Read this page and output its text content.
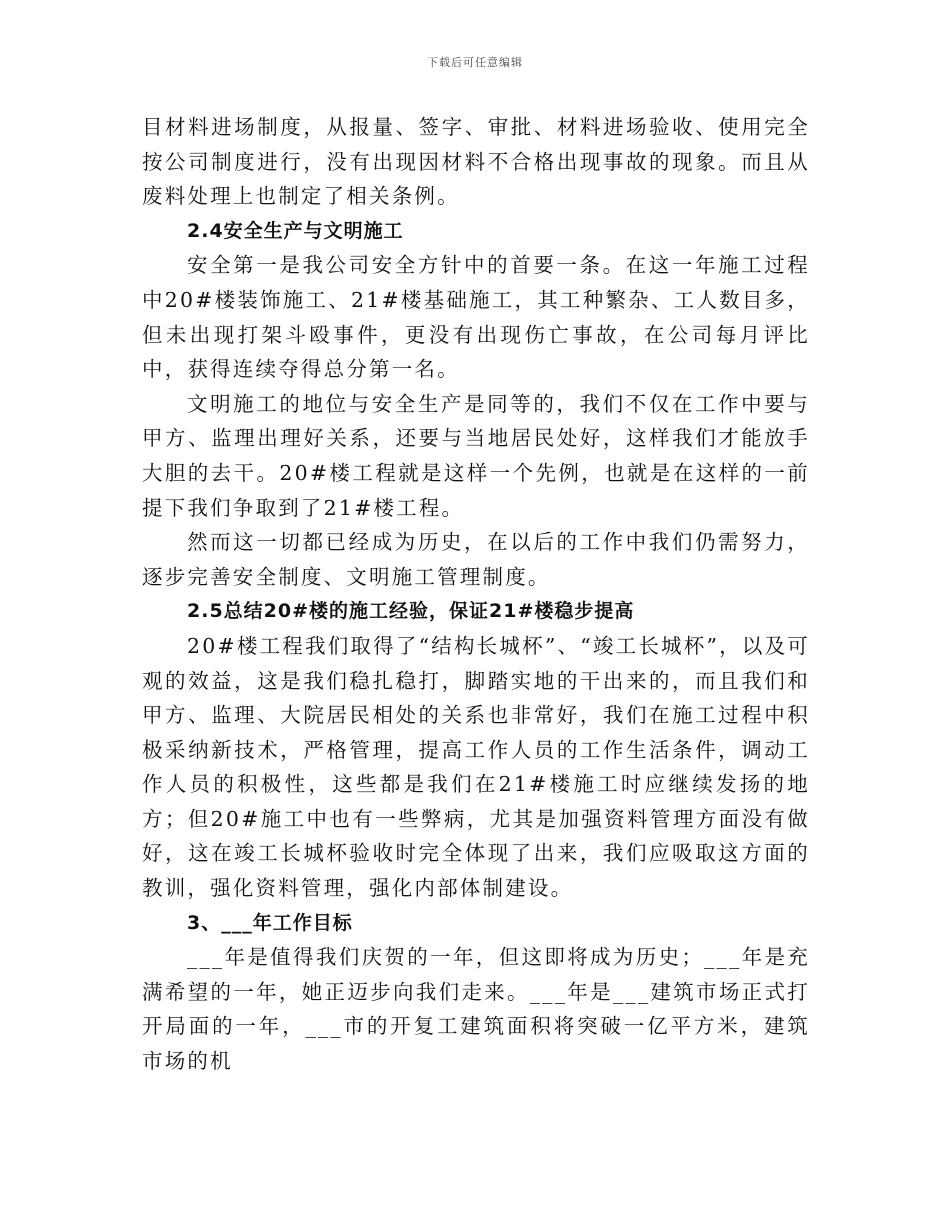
下载后可任意编辑

目材料进场制度，从报量、签字、审批、材料进场验收、使用完全按公司制度进行，没有出现因材料不合格出现事故的现象。而且从废料处理上也制定了相关条例。

2.4安全生产与文明施工

安全第一是我公司安全方针中的首要一条。在这一年施工过程中20#楼装饰施工、21#楼基础施工，其工种繁杂、工人数目多，但未出现打架斗殴事件，更没有出现伤亡事故，在公司每月评比中，获得连续夺得总分第一名。

文明施工的地位与安全生产是同等的，我们不仅在工作中要与甲方、监理出理好关系，还要与当地居民处好，这样我们才能放手大胆的去干。20#楼工程就是这样一个先例，也就是在这样的一前提下我们争取到了21#楼工程。

然而这一切都已经成为历史，在以后的工作中我们仍需努力，逐步完善安全制度、文明施工管理制度。

2.5总结20#楼的施工经验，保证21#楼稳步提高

20#楼工程我们取得了“结构长城杯”、“竣工长城杯”，以及可观的效益，这是我们稳扎稳打，脚踏实地的干出来的，而且我们和甲方、监理、大院居民相处的关系也非常好，我们在施工过程中积极采纳新技术，严格管理，提高工作人员的工作生活条件，调动工作人员的积极性，这些都是我们在21#楼施工时应继续发扬的地方；但20#施工中也有一些弊病，尤其是加强资料管理方面没有做好，这在竣工长城杯验收时完全体现了出来，我们应吸取这方面的教训，强化资料管理，强化内部体制建设。

3、___年工作目标

___年是值得我们庆贺的一年，但这即将成为历史；___年是充满希望的一年，她正迈步向我们走来。___年是___建筑市场正式打开局面的一年，___市的开复工建筑面积将突破一亿平方米，建筑市场的机
